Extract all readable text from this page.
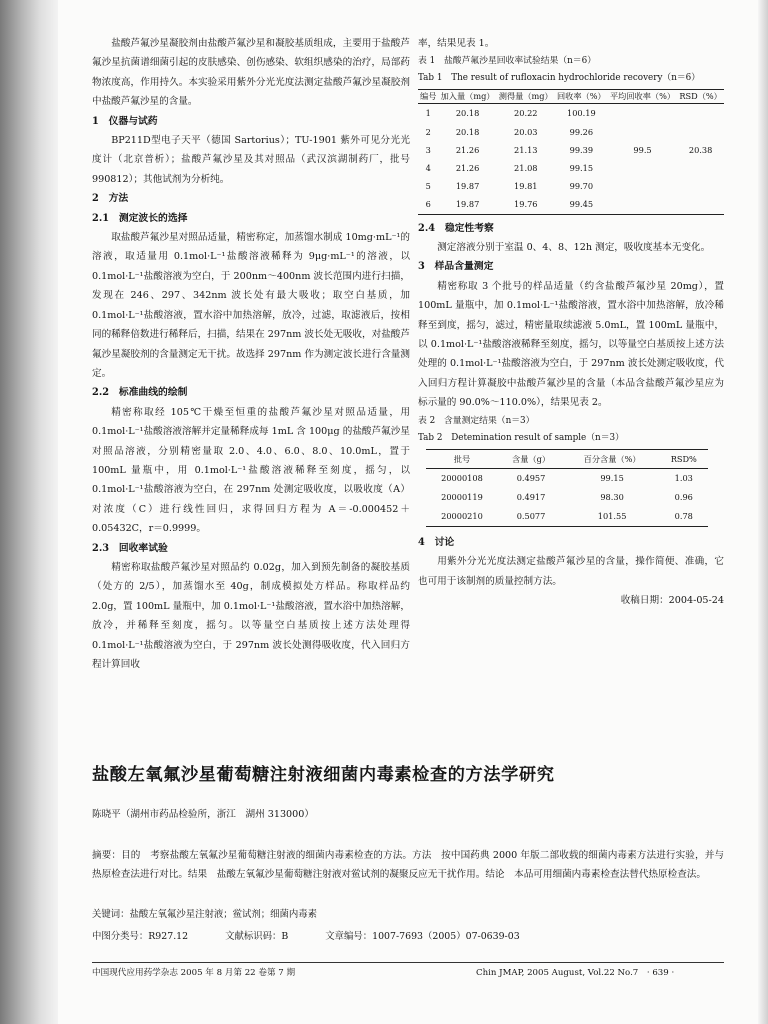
盐酸芦氟沙星凝胶剂由盐酸芦氟沙星和凝胶基质组成，主要用于盐酸芦氟沙星抗菌谱细菌引起的皮肤感染、创伤感染、软组织感染的治疗，局部药物浓度高，作用持久。本实验采用紫外分光光度法测定盐酸芦氟沙星凝胶剂中盐酸芦氟沙星的含量。

1　仪器与试药

BP211D型电子天平（德国 Sartorius）；TU-1901 紫外可见分光光度计（北京普析）；盐酸芦氟沙星及其对照品（武汉滨湖制药厂，批号 990812）；其他试剂为分析纯。

2　方法
2.1　测定波长的选择

取盐酸芦氟沙星对照品适量，精密称定，加蒸馏水制成 10mg·mL⁻¹的溶液，取适量用 0.1mol·L⁻¹盐酸溶液稀释为 9μg·mL⁻¹的溶液，以 0.1mol·L⁻¹盐酸溶液为空白，于 200nm～400nm 波长范围内进行扫描，发现在 246、297、342nm 波长处有最大吸收；取空白基质，加 0.1mol·L⁻¹盐酸溶液，置水浴中加热溶解，放冷，过滤，取滤液后，按相同的稀释倍数进行稀释后，扫描，结果在 297nm 波长处无吸收，对盐酸芦氟沙星凝胶剂的含量测定无干扰。故选择 297nm 作为测定波长进行含量测定。

2.2　标准曲线的绘制

精密称取经 105℃干燥至恒重的盐酸芦氟沙星对照品适量，用 0.1mol·L⁻¹盐酸溶液溶解并定量稀释成每 1mL 含 100μg 的盐酸芦氟沙星对照品溶液，分别精密量取 2.0、4.0、6.0、8.0、10.0mL，置于 100mL 量瓶中，用 0.1mol·L⁻¹盐酸溶液稀释至刻度，摇匀，以 0.1mol·L⁻¹盐酸溶液为空白，在 297nm 处测定吸收度，以吸收度（A）对浓度（C）进行线性回归，求得回归方程为 A＝-0.000452＋0.05432C，r＝0.9999。

2.3　回收率试验

精密称取盐酸芦氟沙星对照品约 0.02g，加入到预先制备的凝胶基质（处方的 2/5），加蒸馏水至 40g，制成模拟处方样品。称取样品约 2.0g，置 100mL 量瓶中，加 0.1mol·L⁻¹盐酸溶液，置水浴中加热溶解，放冷，并稀释至刻度，摇匀。以等量空白基质按上述方法处理得 0.1mol·L⁻¹盐酸溶液为空白，于 297nm 波长处测得吸收度，代入回归方程计算回收

率，结果见表 1。

表 1　盐酸芦氟沙星回收率试验结果（n＝6）

Tab 1　The result of rufloxacin hydrochloride recovery（n＝6）

编号	加入量（mg）	测得量（mg）	回收率（%）	平均回收率（%）	RSD（%）
1	20.18	20.22	100.19		
2	20.18	20.03	99.26		
3	21.26	21.13	99.39	99.5	20.38
4	21.26	21.08	99.15		
5	19.87	19.81	99.70		
6	19.87	19.76	99.45		
2.4　稳定性考察

测定溶液分别于室温 0、4、8、12h 测定，吸收度基本无变化。

3　样品含量测定

精密称取 3 个批号的样品适量（约含盐酸芦氟沙星 20mg），置 100mL 量瓶中，加 0.1mol·L⁻¹盐酸溶液，置水浴中加热溶解，放冷稀释至到度，摇匀，滤过，精密量取续滤液 5.0mL，置 100mL 量瓶中，以 0.1mol·L⁻¹盐酸溶液稀释至刻度，摇匀，以等量空白基质按上述方法处理的 0.1mol·L⁻¹盐酸溶液为空白，于 297nm 波长处测定吸收度，代入回归方程计算凝胶中盐酸芦氟沙星的含量（本品含盐酸芦氟沙星应为标示量的 90.0%～110.0%），结果见表 2。

表 2　含量测定结果（n＝3）

Tab 2　Detemination result of sample（n＝3）

批号	含量（g）	百分含量（%）	RSD%
20000108	0.4957	99.15	1.03
20000119	0.4917	98.30	0.96
20000210	0.5077	101.55	0.78
4　讨论

用紫外分光光度法测定盐酸芦氟沙星的含量，操作简便、准确，它也可用于该制剂的质量控制方法。

收稿日期：2004-05-24

盐酸左氧氟沙星葡萄糖注射液细菌内毒素检查的方法学研究

陈晓平（湖州市药品检验所，浙江　湖州 313000）

摘要：目的　考察盐酸左氧氟沙星葡萄糖注射液的细菌内毒素检查的方法。方法　按中国药典 2000 年版二部收载的细菌内毒素方法进行实验，并与热原检查法进行对比。结果　盐酸左氧氟沙星葡萄糖注射液对鲎试剂的凝聚反应无干扰作用。结论　本品可用细菌内毒素检查法替代热原检查法。

关键词：盐酸左氧氟沙星注射液；鲎试剂；细菌内毒素

中图分类号：R927.12	文献标识码：B	文章编号：1007-7693（2005）07-0639-03

中国现代应用药学杂志 2005 年 8 月第 22 卷第 7 期	Chin JMAP, 2005 August, Vol.22 No.7　· 639 ·
